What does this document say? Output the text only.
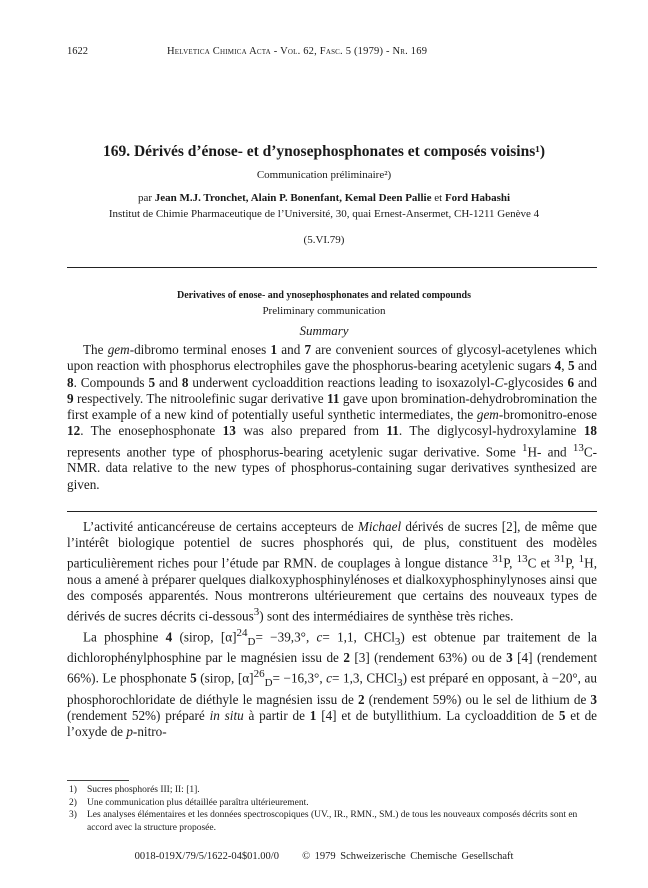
1622	Helvetica Chimica Acta - Vol. 62, Fasc. 5 (1979) - Nr. 169
169. Dérivés d’énose- et d’ynosephosphonates et composés voisins¹)
Communication préliminaire²)
par Jean M.J. Tronchet, Alain P. Bonenfant, Kemal Deen Pallie et Ford Habashi
Institut de Chimie Pharmaceutique de l’Université, 30, quai Ernest-Ansermet, CH-1211 Genève 4
(5.VI.79)
Derivatives of enose- and ynosephosphonates and related compounds
Preliminary communication
Summary

The gem-dibromo terminal enoses 1 and 7 are convenient sources of glycosyl-acetylenes which upon reaction with phosphorus electrophiles gave the phosphorus-bearing acetylenic sugars 4, 5 and 8. Compounds 5 and 8 underwent cycloaddition reactions leading to isoxazolyl-C-glycosides 6 and 9 respectively. The nitroolefinic sugar derivative 11 gave upon bromination-dehydrobromination the first example of a new kind of potentially useful synthetic intermediates, the gem-bromonitro-enose 12. The enosephosphonate 13 was also prepared from 11. The diglycosyl-hydroxylamine 18 represents another type of phosphorus-bearing acetylenic sugar derivative. Some $^1$H- and $^{13}$C-NMR. data relative to the new types of phosphorus-containing sugar derivatives synthesized are given.

L’activité anticancéreuse de certains accepteurs de Michael dérivés de sucres [2], de même que l’intérêt biologique potentiel de sucres phosphorés qui, de plus, constituent des modèles particulièrement riches pour l’étude par RMN. de couplages à longue distance $^{31}$P, $^{13}$C et $^{31}$P, $^1$H, nous a amené à préparer quelques dialkoxyphosphinylénoses et dialkoxyphosphinylynoses ainsi que des composés apparentés. Nous montrerons ultérieurement que certains des nouveaux types de dérivés de sucres décrits ci-dessous$^3$) sont des intermédiaires de synthèse très riches.

La phosphine 4 (sirop, $[\alpha]^{24}_D= -39,3^\circ$, c= 1,1, CHCl$_3$) est obtenue par traitement de la dichlorophénylphosphine par le magnésien issu de 2 [3] (rendement 63%) ou de 3 [4] (rendement 66%). Le phosphonate 5 (sirop, $[\alpha]^{26}_D= -16,3^\circ$, c= 1,3, CHCl$_3$) est préparé en opposant, à −20°, au phosphorochloridate de diéthyle le magnésien issu de 2 (rendement 59%) ou le sel de lithium de 3 (rendement 52%) préparé in situ à partir de 1 [4] et de butyllithium. La cycloaddition de 5 et de l’oxyde de p-nitro-

1) Sucres phosphorés III; II: [1].
2) Une communication plus détaillée paraîtra ultérieurement.
3) Les analyses élémentaires et les données spectroscopiques (UV., IR., RMN., SM.) de tous les nouveaux composés décrits sont en accord avec la structure proposée.
0018-019X/79/5/1622-04$01.00/0 © 1979 Schweizerische Chemische Gesellschaft
